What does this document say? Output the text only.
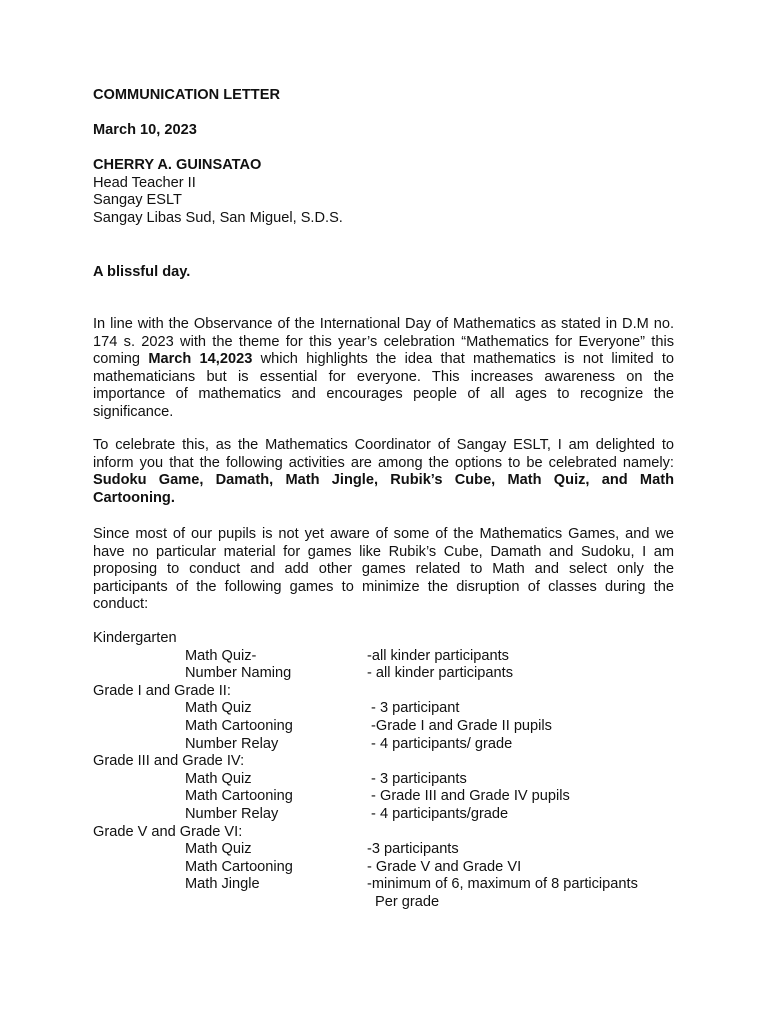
COMMUNICATION LETTER
March 10, 2023
CHERRY A. GUINSATAO
Head Teacher II
Sangay ESLT
Sangay Libas Sud, San Miguel, S.D.S.
A blissful day.
In line with the Observance of the International Day of Mathematics as stated in D.M no. 174 s. 2023 with the theme for this year’s celebration “Mathematics for Everyone” this coming March 14,2023 which highlights the idea that mathematics is not limited to mathematicians but is essential for everyone. This increases awareness on the importance of mathematics and encourages people of all ages to recognize the significance.
To celebrate this, as the Mathematics Coordinator of Sangay ESLT, I am delighted to inform you that the following activities are among the options to be celebrated namely: Sudoku Game, Damath, Math Jingle, Rubik’s Cube, Math Quiz, and Math Cartooning.
Since most of our pupils is not yet aware of some of the Mathematics Games, and we have no particular material for games like Rubik’s Cube, Damath and Sudoku, I am proposing to conduct and add other games related to Math and select only the participants of the following games to minimize the disruption of classes during the conduct:
Kindergarten
Math Quiz-	-all kinder participants
Number Naming	- all kinder participants
Grade I and Grade II:
Math Quiz	- 3 participant
Math Cartooning	-Grade I and Grade II pupils
Number Relay	- 4 participants/ grade
Grade III and Grade IV:
Math Quiz	- 3 participants
Math Cartooning	- Grade III and Grade IV pupils
Number Relay	- 4 participants/grade
Grade V and Grade VI:
Math Quiz	-3 participants
Math Cartooning	- Grade V and Grade VI
Math Jingle	-minimum of 6, maximum of 8 participants
Per grade
